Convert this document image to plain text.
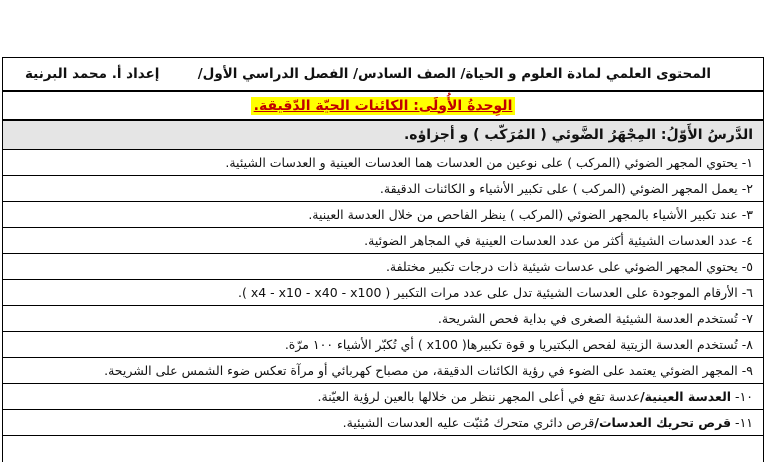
المحتوى العلمي لمادة العلوم و الحياة/ الصف السادس/ الفصل الدراسي الأول/
إعداد أ. محمد البرنية
الوِحدةُ الأُولَى: الكائنات الحيّة الدّقيقة.
الدَّرسُ الأَوّلُ: المِجْهَرُ الضَّوئي ( المُرَكّب ) و أجزاؤه.
١-
يحتوي المجهر الضوئي (المركب ) على نوعين من العدسات هما العدسات العينية و العدسات الشيئية.
٢-
يعمل المجهر الضوئي (المركب ) على تكبير الأشياء و الكائنات الدقيقة.
٣-
عند تكبير الأشياء بالمجهر الضوئي (المركب ) ينظر الفاحص من خلال العدسة العينية.
٤-
عدد العدسات الشيئية أكثر من عدد العدسات العينية في المجاهر الضوئية.
٥-
يحتوي المجهر الضوئي على عدسات شيئية ذات درجات تكبير مختلفة.
٦-
الأرقام الموجودة على العدسات الشيئية تدل على عدد مرات التكبير ( x4 - x10 - x40 - x100 ).
٧-
تُستخدم العدسة الشيئية الصغرى في بداية فحص الشريحة.
٨-
تُستخدم العدسة الزيتية لفحص البكتيريا و قوة تكبيرها( x100 ) أي تُكبّر الأشياء ١٠٠ مرّة.
٩-
المجهر الضوئي يعتمد على الضوء في رؤية الكائنات الدقيقة، من مصباح كهربائي أو مرآة تعكس ضوء الشمس على الشريحة.
١٠-
العدسة العينية/
عدسة تقع في أعلى المجهر ننظر من خلالها بالعين لرؤية العيّنة.
١١-
قرص تحريك العدسات/
قرص دائري متحرك مُثبّت عليه العدسات الشيئية.
